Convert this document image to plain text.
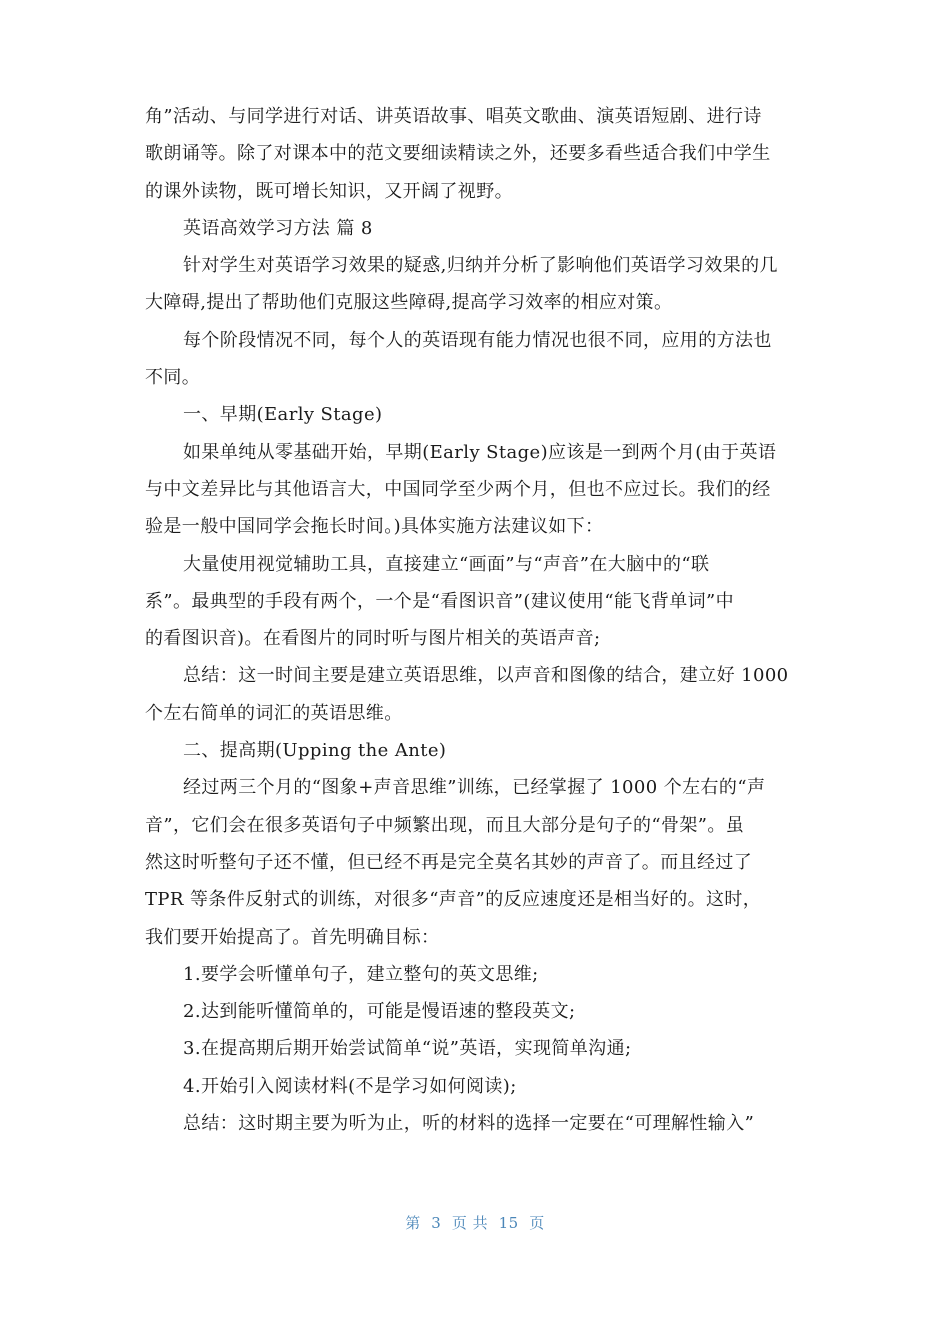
角”活动、与同学进行对话、讲英语故事、唱英文歌曲、演英语短剧、进行诗
歌朗诵等。除了对课本中的范文要细读精读之外，还要多看些适合我们中学生
的课外读物，既可增长知识，又开阔了视野。
英语高效学习方法 篇 8
针对学生对英语学习效果的疑惑,归纳并分析了影响他们英语学习效果的几
大障碍,提出了帮助他们克服这些障碍,提高学习效率的相应对策。
每个阶段情况不同，每个人的英语现有能力情况也很不同，应用的方法也
不同。
一、早期(Early Stage)
如果单纯从零基础开始，早期(Early Stage)应该是一到两个月(由于英语
与中文差异比与其他语言大，中国同学至少两个月，但也不应过长。我们的经
验是一般中国同学会拖长时间。)具体实施方法建议如下：
大量使用视觉辅助工具，直接建立“画面”与“声音”在大脑中的“联
系”。最典型的手段有两个，一个是“看图识音”(建议使用“能飞背单词”中
的看图识音)。在看图片的同时听与图片相关的英语声音;
总结：这一时间主要是建立英语思维，以声音和图像的结合，建立好 1000
个左右简单的词汇的英语思维。
二、提高期(Upping the Ante)
经过两三个月的“图象+声音思维”训练，已经掌握了 1000 个左右的“声
音”，它们会在很多英语句子中频繁出现，而且大部分是句子的“骨架”。虽
然这时听整句子还不懂，但已经不再是完全莫名其妙的声音了。而且经过了
TPR 等条件反射式的训练，对很多“声音”的反应速度还是相当好的。这时，
我们要开始提高了。首先明确目标：
1.要学会听懂单句子，建立整句的英文思维;
2.达到能听懂简单的，可能是慢语速的整段英文;
3.在提高期后期开始尝试简单“说”英语，实现简单沟通;
4.开始引入阅读材料(不是学习如何阅读);
总结：这时期主要为听为止，听的材料的选择一定要在“可理解性输入”
第  3  页 共  15  页
